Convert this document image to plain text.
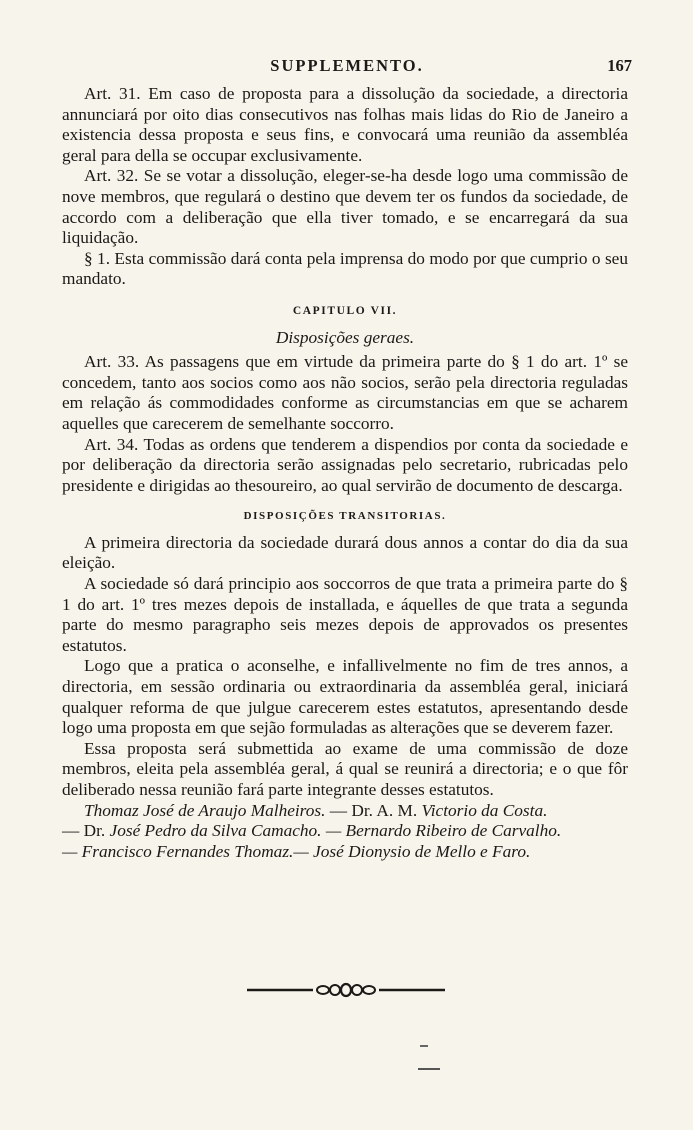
SUPPLEMENTO.	167

Art. 31. Em caso de proposta para a dissolução da sociedade, a directoria annunciará por oito dias consecutivos nas folhas mais lidas do Rio de Janeiro a existencia dessa proposta e seus fins, e convocará uma reunião da assembléa geral para della se occupar exclusivamente.

Art. 32. Se se votar a dissolução, eleger-se-ha desde logo uma commissão de nove membros, que regulará o destino que devem ter os fundos da sociedade, de accordo com a deliberação que ella tiver tomado, e se encarregará da sua liquidação.

§ 1. Esta commissão dará conta pela imprensa do modo por que cumprio o seu mandato.

CAPITULO VII.
Disposições geraes.

Art. 33. As passagens que em virtude da primeira parte do § 1 do art. 1º se concedem, tanto aos socios como aos não socios, serão pela directoria reguladas em relação ás commodidades conforme as circumstancias em que se acharem aquelles que carecerem de semelhante soccorro.

Art. 34. Todas as ordens que tenderem a dispendios por conta da sociedade e por deliberação da directoria serão assignadas pelo secretario, rubricadas pelo presidente e dirigidas ao thesoureiro, ao qual servirão de documento de descarga.

DISPOSIÇÕES TRANSITORIAS.

A primeira directoria da sociedade durará dous annos a contar do dia da sua eleição.

A sociedade só dará principio aos soccorros de que trata a primeira parte do § 1 do art. 1º tres mezes depois de installada, e áquelles de que trata a segunda parte do mesmo paragrapho seis mezes depois de approvados os presentes estatutos.

Logo que a pratica o aconselhe, e infallivelmente no fim de tres annos, a directoria, em sessão ordinaria ou extraordinaria da assembléa geral, iniciará qualquer reforma de que julgue carecerem estes estatutos, apresentando desde logo uma proposta em que sejão formuladas as alterações que se deverem fazer.

Essa proposta será submettida ao exame de uma commissão de doze membros, eleita pela assembléa geral, á qual se reunirá a directoria; e o que fôr deliberado nessa reunião fará parte integrante desses estatutos.

Thomaz José de Araujo Malheiros. — Dr. A. M. Victorio da Costa.

— Dr. José Pedro da Silva Camacho. — Bernardo Ribeiro de Carvalho.

— Francisco Fernandes Thomaz.— José Dionysio de Mello e Faro.
